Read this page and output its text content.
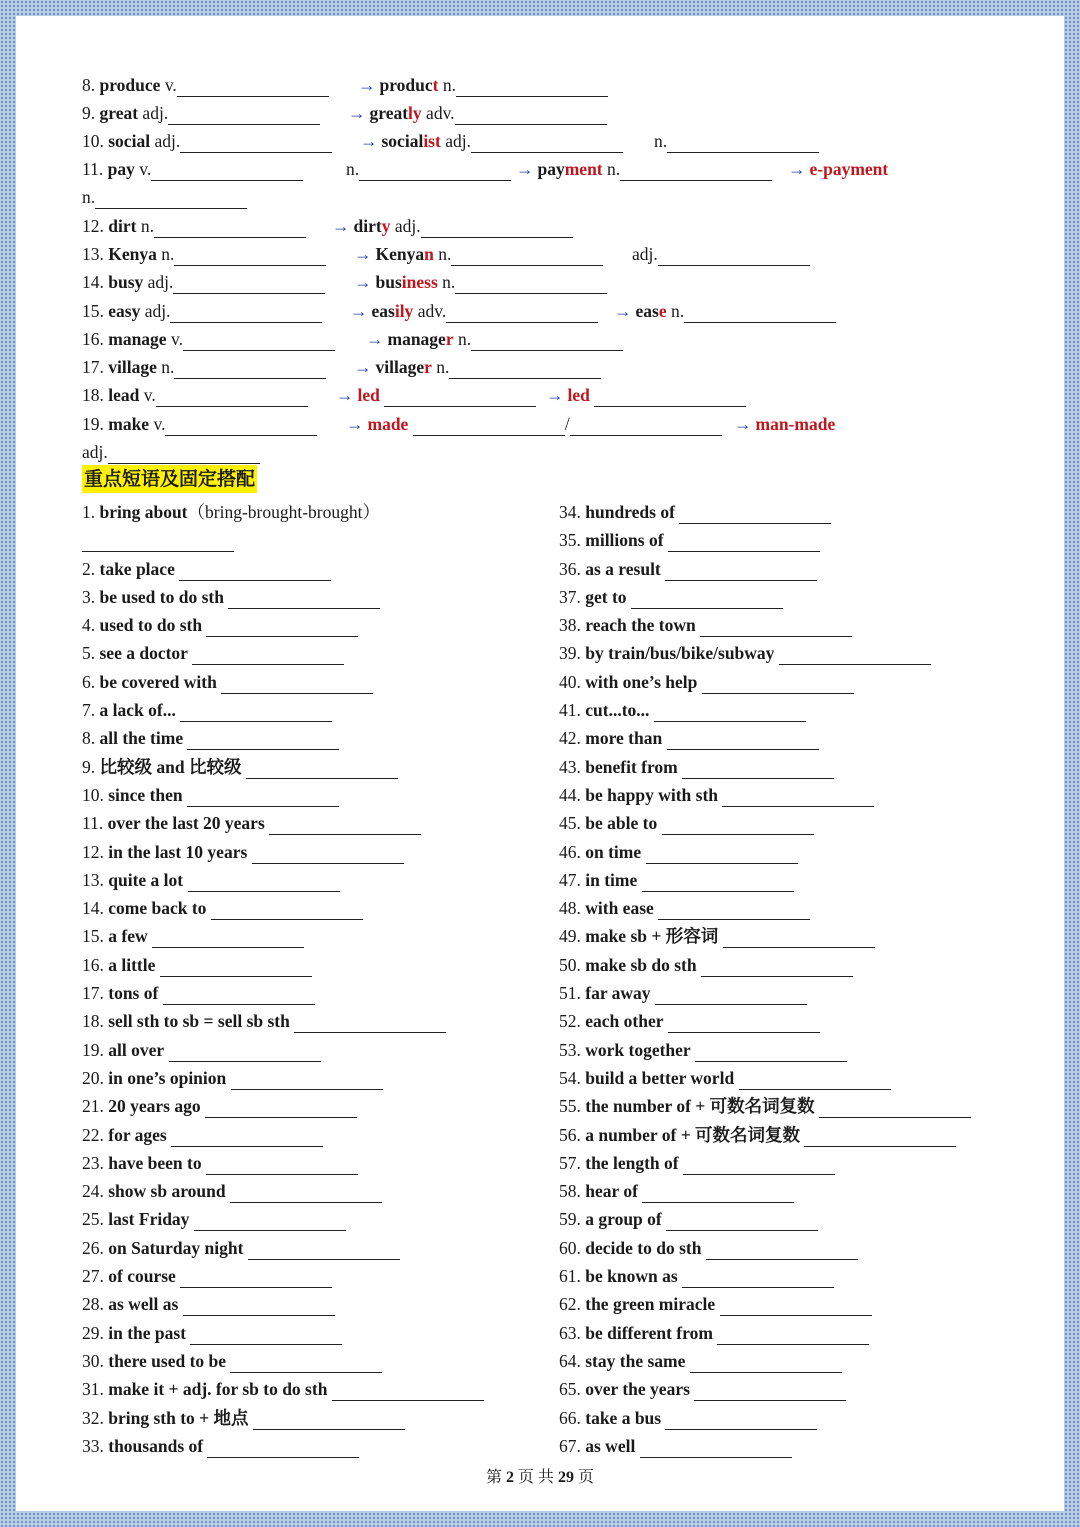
8. produce v.	→ product n.
9. great adj.	→ greatly adv.
10. social adj.	→ socialist adj.	n.
11. pay v.	n.	→ payment n.	→ e-payment
n.
12. dirt n.	→ dirty adj.
13. Kenya n.	→ Kenyan n.	adj.
14. busy adj.	→ business n.
15. easy adj.	→ easily adv.	→ ease n.
16. manage v.	→ manager n.
17. village n.	→ villager n.
18. lead v.	→ led	→ led
19. make v.	→ made	/	→ man-made
adj.
重点短语及固定搭配
1. bring about（bring-brought-brought）
2. take place
3. be used to do sth
4. used to do sth
5. see a doctor
6. be covered with
7. a lack of...
8. all the time
9. 比较级 and 比较级
10. since then
11. over the last 20 years
12. in the last 10 years
13. quite a lot
14. come back to
15. a few
16. a little
17. tons of
18. sell sth to sb = sell sb sth
19. all over
20. in one’s opinion
21. 20 years ago
22. for ages
23. have been to
24. show sb around
25. last Friday
26. on Saturday night
27. of course
28. as well as
29. in the past
30. there used to be
31. make it + adj. for sb to do sth
32. bring sth to + 地点
33. thousands of
34. hundreds of
35. millions of
36. as a result
37. get to
38. reach the town
39. by train/bus/bike/subway
40. with one’s help
41. cut...to...
42. more than
43. benefit from
44. be happy with sth
45. be able to
46. on time
47. in time
48. with ease
49. make sb + 形容词
50. make sb do sth
51. far away
52. each other
53. work together
54. build a better world
55. the number of + 可数名词复数
56. a number of + 可数名词复数
57. the length of
58. hear of
59. a group of
60. decide to do sth
61. be known as
62. the green miracle
63. be different from
64. stay the same
65. over the years
66. take a bus
67. as well
第 2 页 共 29 页
